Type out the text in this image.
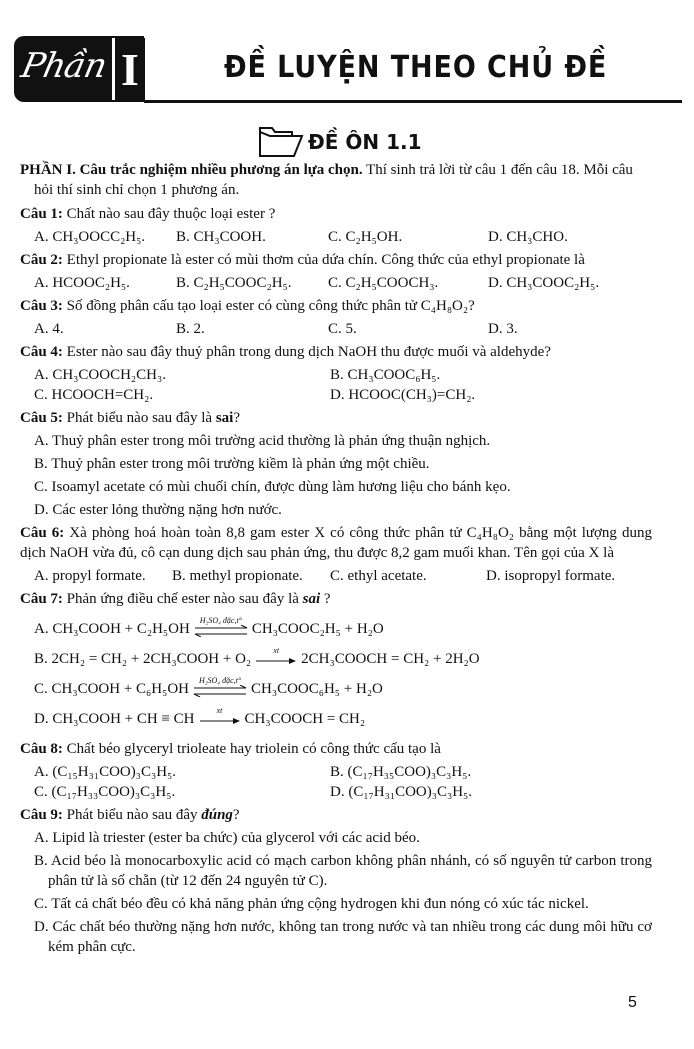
Phần I	ĐỀ LUYỆN THEO CHỦ ĐỀ
ĐỀ ÔN 1.1

PHẦN I. Câu trắc nghiệm nhiều phương án lựa chọn. Thí sinh trả lời từ câu 1 đến câu 18. Mỗi câu hỏi thí sinh chỉ chọn 1 phương án.

Câu 1: Chất nào sau đây thuộc loại ester ?
A. CH₃OOCC₂H₅.	B. CH₃COOH.	C. C₂H₅OH.	D. CH₃CHO.
Câu 2: Ethyl propionate là ester có mùi thơm của dứa chín. Công thức của ethyl propionate là
A. HCOOC₂H₅.	B. C₂H₅COOC₂H₅.	C. C₂H₅COOCH₃.	D. CH₃COOC₂H₅.
Câu 3: Số đồng phân cấu tạo loại ester có cùng công thức phân tử C₄H₈O₂?
A. 4.	B. 2.	C. 5.	D. 3.
Câu 4: Ester nào sau đây thuỷ phân trong dung dịch NaOH thu được muối và aldehyde?
A. CH₃COOCH₂CH₃.	B. CH₃COOC₆H₅.
C. HCOOCH=CH₂.	D. HCOOC(CH₃)=CH₂.
Câu 5: Phát biểu nào sau đây là sai?
A. Thuỷ phân ester trong môi trường acid thường là phản ứng thuận nghịch.
B. Thuỷ phân ester trong môi trường kiềm là phản ứng một chiều.
C. Isoamyl acetate có mùi chuối chín, được dùng làm hương liệu cho bánh kẹo.
D. Các ester lỏng thường nặng hơn nước.
Câu 6: Xà phòng hoá hoàn toàn 8,8 gam ester X có công thức phân tử C₄H₈O₂ bằng một lượng dung dịch NaOH vừa đủ, cô cạn dung dịch sau phản ứng, thu được 8,2 gam muối khan. Tên gọi của X là
A. propyl formate.	B. methyl propionate.	C. ethyl acetate.	D. isopropyl formate.
Câu 7: Phản ứng điều chế ester nào sau đây là sai ?
A. CH₃COOH + C₂H₅OH
H₂SO₄ đặc,t°
CH₃COOC₂H₅ + H₂O
B. 2CH₂ = CH₂ + 2CH₃COOH + O₂
xt
2CH₃COOCH = CH₂ + 2H₂O
C. CH₃COOH + C₆H₅OH
H₂SO₄ đặc,t°
CH₃COOC₆H₅ + H₂O
D. CH₃COOH + CH ≡ CH
xt
CH₃COOCH = CH₂
Câu 8: Chất béo glyceryl trioleate hay triolein có công thức cấu tạo là
A. (C₁₅H₃₁COO)₃C₃H₅.	B. (C₁₇H₃₅COO)₃C₃H₅.
C. (C₁₇H₃₃COO)₃C₃H₅.	D. (C₁₇H₃₁COO)₃C₃H₅.
Câu 9: Phát biểu nào sau đây đúng?
A. Lipid là triester (ester ba chức) của glycerol với các acid béo.
B. Acid béo là monocarboxylic acid có mạch carbon không phân nhánh, có số nguyên tử carbon trong phân tử là số chẵn (từ 12 đến 24 nguyên tử C).
C. Tất cả chất béo đều có khả năng phản ứng cộng hydrogen khi đun nóng có xúc tác nickel.
D. Các chất béo thường nặng hơn nước, không tan trong nước và tan nhiều trong các dung môi hữu cơ kém phân cực.
5
